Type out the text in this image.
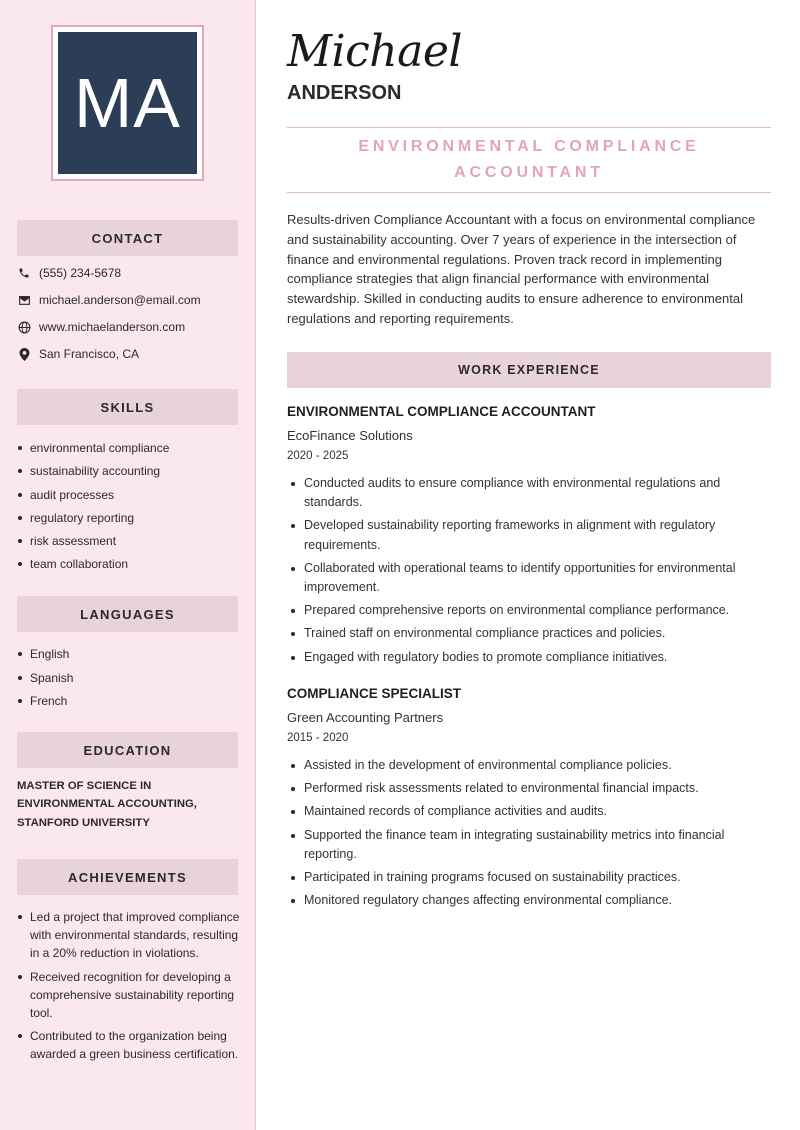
MA
CONTACT
(555) 234-5678
michael.anderson@email.com
www.michaelanderson.com
San Francisco, CA
SKILLS
environmental compliance
sustainability accounting
audit processes
regulatory reporting
risk assessment
team collaboration
LANGUAGES
English
Spanish
French
EDUCATION
MASTER OF SCIENCE IN ENVIRONMENTAL ACCOUNTING, STANFORD UNIVERSITY
ACHIEVEMENTS
Led a project that improved compliance with environmental standards, resulting in a 20% reduction in violations.
Received recognition for developing a comprehensive sustainability reporting tool.
Contributed to the organization being awarded a green business certification.
Michael
ANDERSON
ENVIRONMENTAL COMPLIANCE ACCOUNTANT
Results-driven Compliance Accountant with a focus on environmental compliance and sustainability accounting. Over 7 years of experience in the intersection of finance and environmental regulations. Proven track record in implementing compliance strategies that align financial performance with environmental stewardship. Skilled in conducting audits to ensure adherence to environmental regulations and reporting requirements.
WORK EXPERIENCE
ENVIRONMENTAL COMPLIANCE ACCOUNTANT
EcoFinance Solutions
2020 - 2025
Conducted audits to ensure compliance with environmental regulations and standards.
Developed sustainability reporting frameworks in alignment with regulatory requirements.
Collaborated with operational teams to identify opportunities for environmental improvement.
Prepared comprehensive reports on environmental compliance performance.
Trained staff on environmental compliance practices and policies.
Engaged with regulatory bodies to promote compliance initiatives.
COMPLIANCE SPECIALIST
Green Accounting Partners
2015 - 2020
Assisted in the development of environmental compliance policies.
Performed risk assessments related to environmental financial impacts.
Maintained records of compliance activities and audits.
Supported the finance team in integrating sustainability metrics into financial reporting.
Participated in training programs focused on sustainability practices.
Monitored regulatory changes affecting environmental compliance.
